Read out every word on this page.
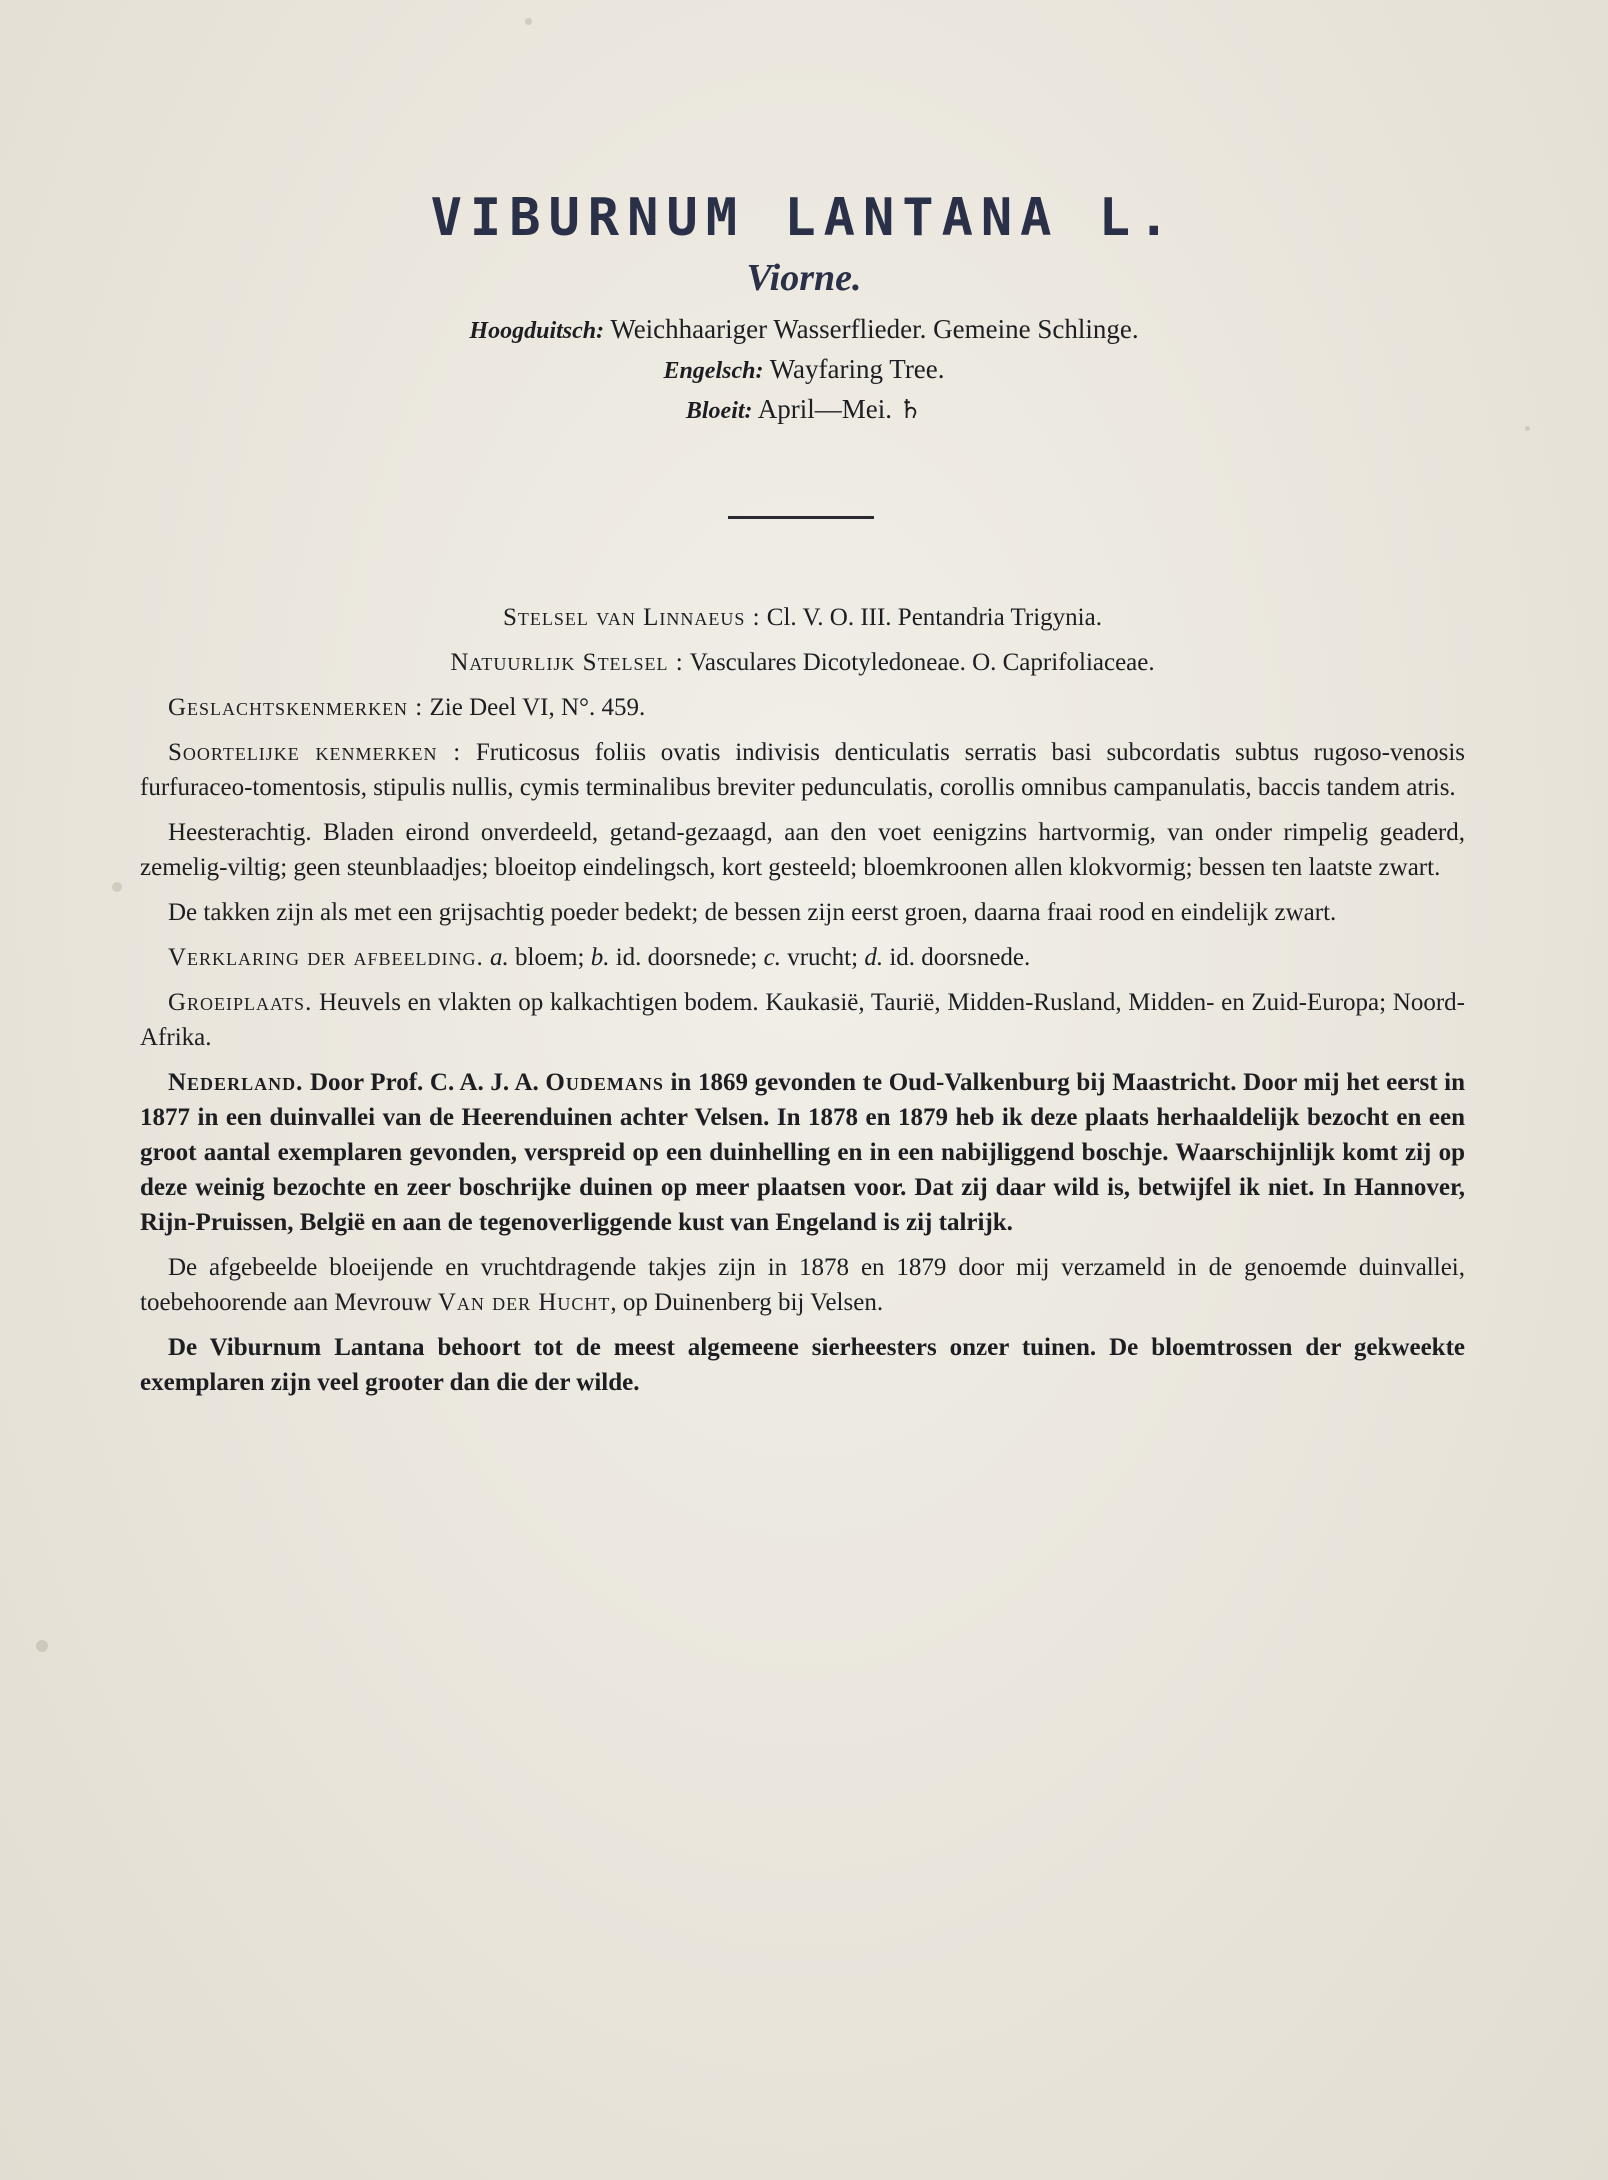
VIBURNUM LANTANA L.
Viorne.
Hoogduitsch: Weichhaariger Wasserflieder. Gemeine Schlinge.
Engelsch: Wayfaring Tree.
Bloeit: April—Mei. ♄

Stelsel van Linnaeus : Cl. V. O. III. Pentandria Trigynia.

Natuurlijk Stelsel : Vasculares Dicotyledoneae. O. Caprifoliaceae.

Geslachtskenmerken : Zie Deel VI, N°. 459.

Soortelijke kenmerken : Fruticosus foliis ovatis indivisis denticulatis serratis basi subcordatis subtus rugoso-venosis furfuraceo-tomentosis, stipulis nullis, cymis terminalibus breviter pedunculatis, corollis omnibus campanulatis, baccis tandem atris.

Heesterachtig. Bladen eirond onverdeeld, getand-gezaagd, aan den voet eenigzins hartvormig, van onder rimpelig geaderd, zemelig-viltig; geen steunblaadjes; bloeitop eindelingsch, kort gesteeld; bloemkroonen allen klokvormig; bessen ten laatste zwart.

De takken zijn als met een grijsachtig poeder bedekt; de bessen zijn eerst groen, daarna fraai rood en eindelijk zwart.

Verklaring der afbeelding. a. bloem; b. id. doorsnede; c. vrucht; d. id. doorsnede.

Groeiplaats. Heuvels en vlakten op kalkachtigen bodem. Kaukasië, Taurië, Midden-Rusland, Midden- en Zuid-Europa; Noord-Afrika.

Nederland. Door Prof. C. A. J. A. Oudemans in 1869 gevonden te Oud-Valkenburg bij Maastricht. Door mij het eerst in 1877 in een duinvallei van de Heerenduinen achter Velsen. In 1878 en 1879 heb ik deze plaats herhaaldelijk bezocht en een groot aantal exemplaren gevonden, verspreid op een duinhelling en in een nabijliggend boschje. Waarschijnlijk komt zij op deze weinig bezochte en zeer boschrijke duinen op meer plaatsen voor. Dat zij daar wild is, betwijfel ik niet. In Hannover, Rijn-Pruissen, België en aan de tegenoverliggende kust van Engeland is zij talrijk.

De afgebeelde bloeijende en vruchtdragende takjes zijn in 1878 en 1879 door mij verzameld in de genoemde duinvallei, toebehoorende aan Mevrouw Van der Hucht, op Duinenberg bij Velsen.

De Viburnum Lantana behoort tot de meest algemeene sierheesters onzer tuinen. De bloemtrossen der gekweekte exemplaren zijn veel grooter dan die der wilde.
